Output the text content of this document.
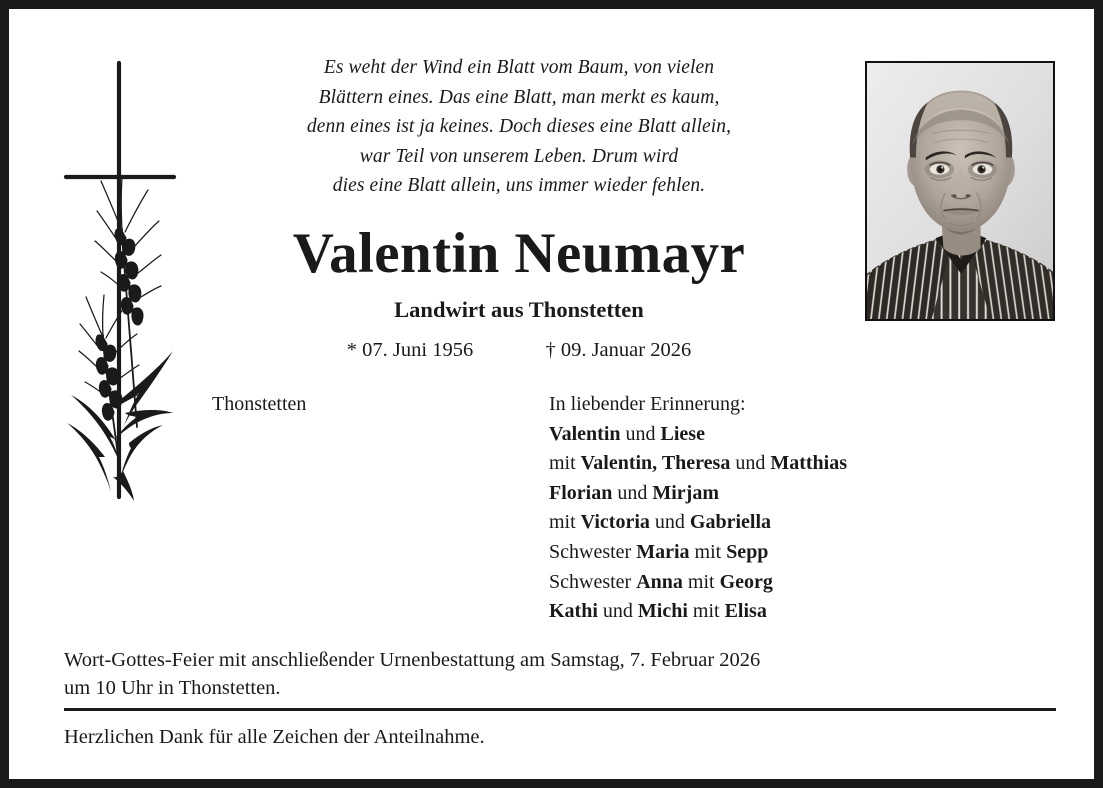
Es weht der Wind ein Blatt vom Baum, von vielen
Blättern eines. Das eine Blatt, man merkt es kaum,
denn eines ist ja keines. Doch dieses eine Blatt allein,
war Teil von unserem Leben. Drum wird
dies eine Blatt allein, uns immer wieder fehlen.
Valentin Neumayr
Landwirt aus Thonstetten
* 07. Juni 1956	† 09. Januar 2026
Thonstetten	In liebender Erinnerung:
Valentin und Liese
mit Valentin, Theresa und Matthias
Florian und Mirjam
mit Victoria und Gabriella
Schwester Maria mit Sepp
Schwester Anna mit Georg
Kathi und Michi mit Elisa
Wort-Gottes-Feier mit anschließender Urnenbestattung am Samstag, 7. Februar 2026
um 10 Uhr in Thonstetten.
Herzlichen Dank für alle Zeichen der Anteilnahme.
